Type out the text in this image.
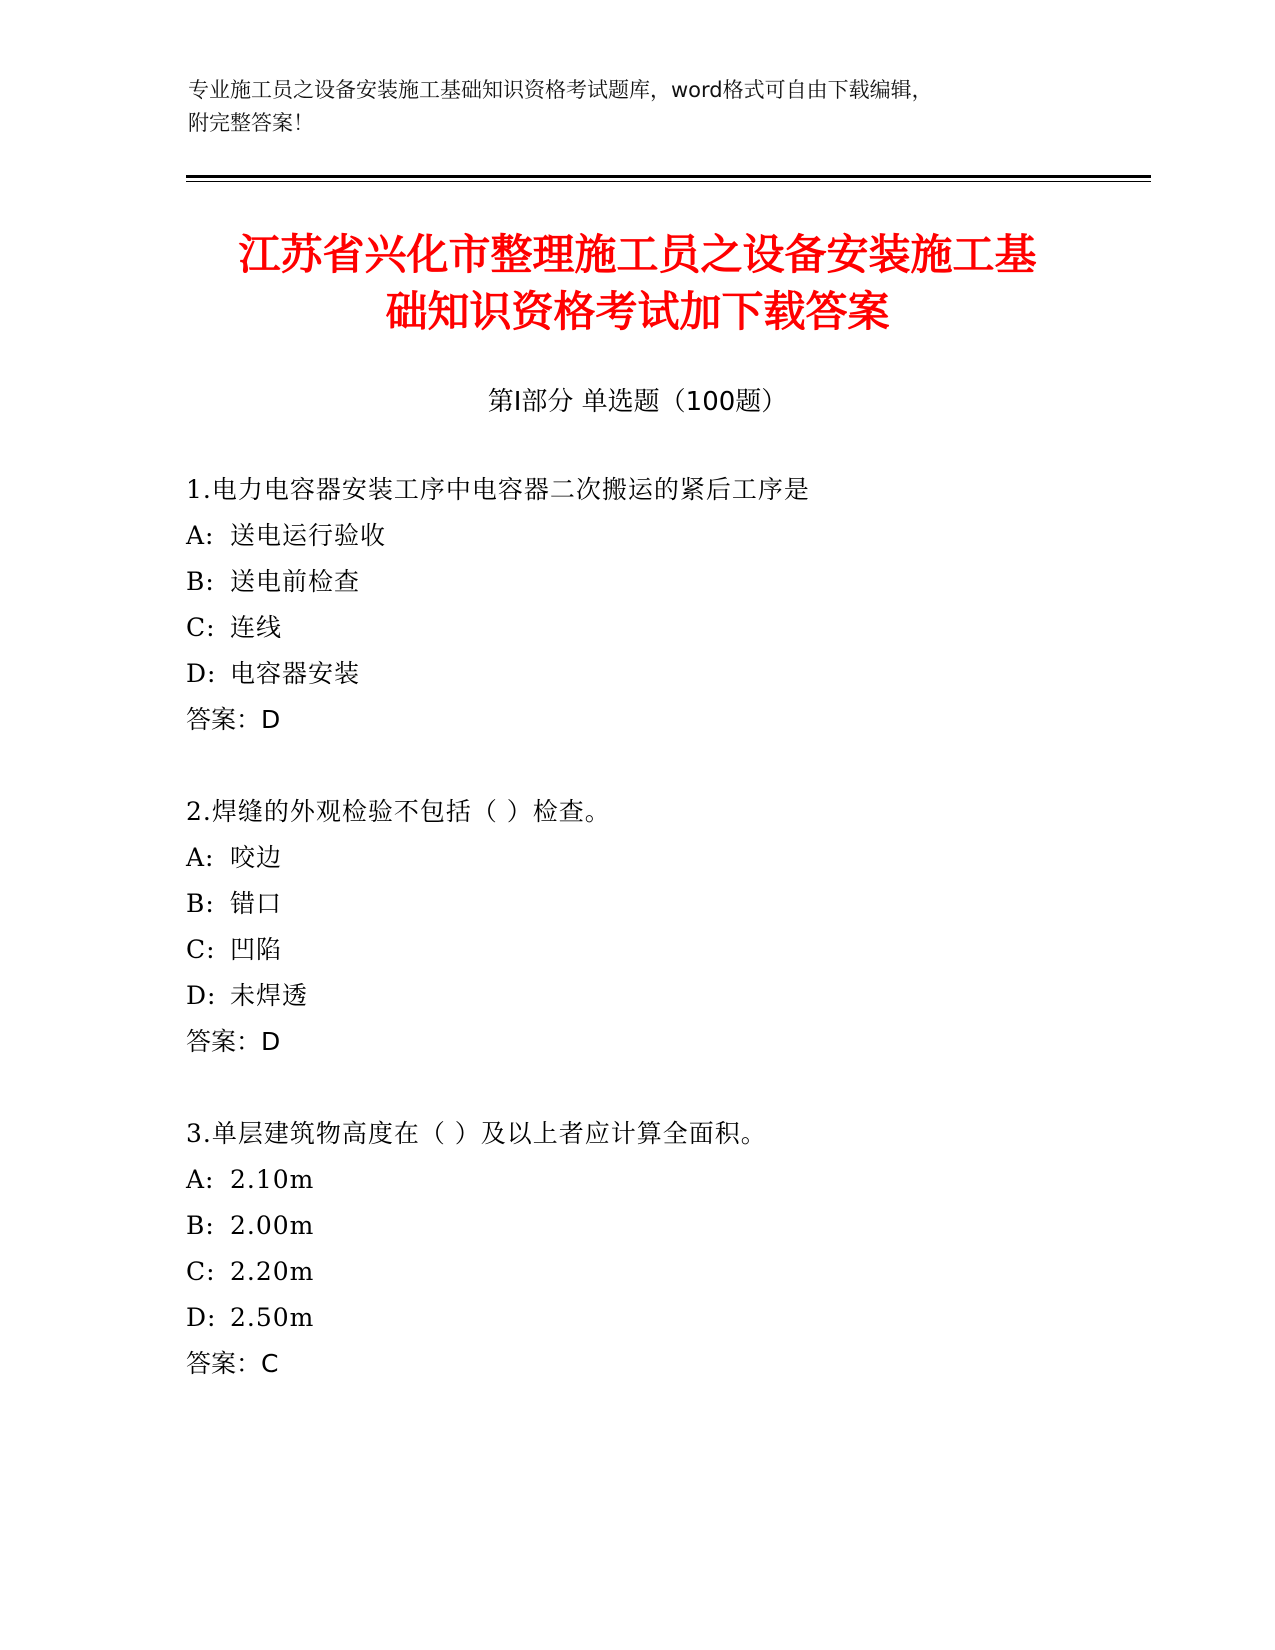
专业施工员之设备安装施工基础知识资格考试题库，word格式可自由下载编辑，
附完整答案！
江苏省兴化市整理施工员之设备安装施工基
础知识资格考试加下载答案
第Ⅰ部分 单选题（100题）
1.电力电容器安装工序中电容器二次搬运的紧后工序是
A: 送电运行验收
B: 送电前检查
C: 连线
D: 电容器安装
答案：D
2.焊缝的外观检验不包括（ ）检查。
A: 咬边
B: 错口
C: 凹陷
D: 未焊透
答案：D
3.单层建筑物高度在（ ）及以上者应计算全面积。
A: 2.10m
B: 2.00m
C: 2.20m
D: 2.50m
答案：C
